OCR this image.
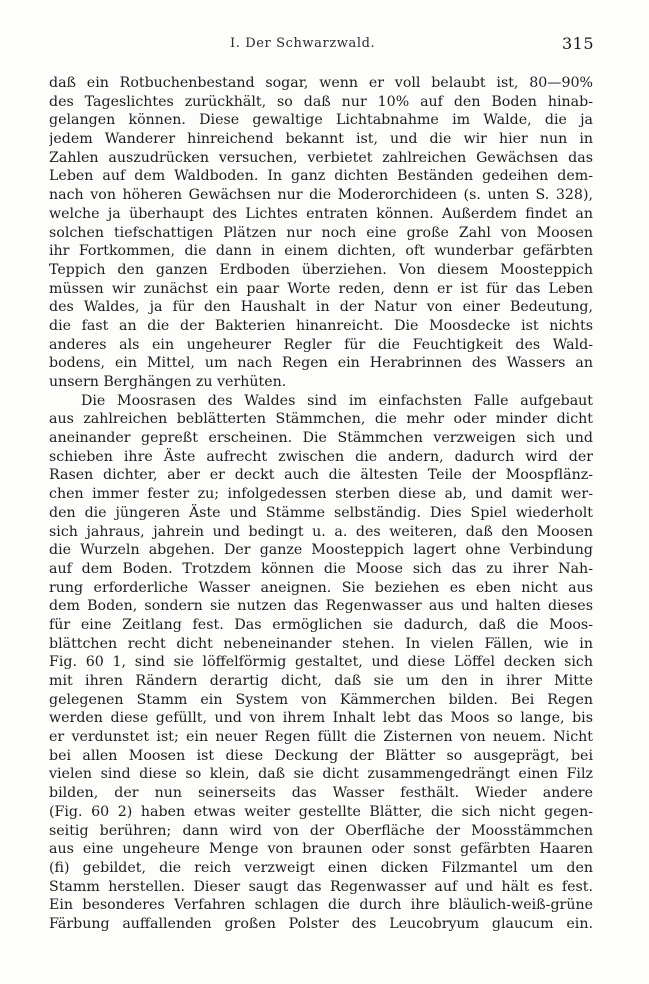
I. Der Schwarzwald.	315
daß ein Rotbuchenbestand sogar, wenn er voll belaubt ist, 80—90%
des Tageslichtes zurückhält, so daß nur 10% auf den Boden hinab-
gelangen können. Diese gewaltige Lichtabnahme im Walde, die ja
jedem Wanderer hinreichend bekannt ist, und die wir hier nun in
Zahlen auszudrücken versuchen, verbietet zahlreichen Gewächsen das
Leben auf dem Waldboden. In ganz dichten Beständen gedeihen dem-
nach von höheren Gewächsen nur die Moderorchideen (s. unten S. 328),
welche ja überhaupt des Lichtes entraten können. Außerdem findet an
solchen tiefschattigen Plätzen nur noch eine große Zahl von Moosen
ihr Fortkommen, die dann in einem dichten, oft wunderbar gefärbten
Teppich den ganzen Erdboden überziehen. Von diesem Moosteppich
müssen wir zunächst ein paar Worte reden, denn er ist für das Leben
des Waldes, ja für den Haushalt in der Natur von einer Bedeutung,
die fast an die der Bakterien hinanreicht. Die Moosdecke ist nichts
anderes als ein ungeheurer Regler für die Feuchtigkeit des Wald-
bodens, ein Mittel, um nach Regen ein Herabrinnen des Wassers an
unsern Berghängen zu verhüten.
Die Moosrasen des Waldes sind im einfachsten Falle aufgebaut
aus zahlreichen beblätterten Stämmchen, die mehr oder minder dicht
aneinander gepreßt erscheinen. Die Stämmchen verzweigen sich und
schieben ihre Äste aufrecht zwischen die andern, dadurch wird der
Rasen dichter, aber er deckt auch die ältesten Teile der Moospflänz-
chen immer fester zu; infolgedessen sterben diese ab, und damit wer-
den die jüngeren Äste und Stämme selbständig. Dies Spiel wiederholt
sich jahraus, jahrein und bedingt u. a. des weiteren, daß den Moosen
die Wurzeln abgehen. Der ganze Moosteppich lagert ohne Verbindung
auf dem Boden. Trotzdem können die Moose sich das zu ihrer Nah-
rung erforderliche Wasser aneignen. Sie beziehen es eben nicht aus
dem Boden, sondern sie nutzen das Regenwasser aus und halten dieses
für eine Zeitlang fest. Das ermöglichen sie dadurch, daß die Moos-
blättchen recht dicht nebeneinander stehen. In vielen Fällen, wie in
Fig. 60 1, sind sie löffelförmig gestaltet, und diese Löffel decken sich
mit ihren Rändern derartig dicht, daß sie um den in ihrer Mitte
gelegenen Stamm ein System von Kämmerchen bilden. Bei Regen
werden diese gefüllt, und von ihrem Inhalt lebt das Moos so lange, bis
er verdunstet ist; ein neuer Regen füllt die Zisternen von neuem. Nicht
bei allen Moosen ist diese Deckung der Blätter so ausgeprägt, bei
vielen sind diese so klein, daß sie dicht zusammengedrängt einen Filz
bilden, der nun seinerseits das Wasser festhält. Wieder andere
(Fig. 60 2) haben etwas weiter gestellte Blätter, die sich nicht gegen-
seitig berühren; dann wird von der Oberfläche der Moosstämmchen
aus eine ungeheure Menge von braunen oder sonst gefärbten Haaren
(fi) gebildet, die reich verzweigt einen dicken Filzmantel um den
Stamm herstellen. Dieser saugt das Regenwasser auf und hält es fest.
Ein besonderes Verfahren schlagen die durch ihre bläulich-weiß-grüne
Färbung auffallenden großen Polster des Leucobryum glaucum ein.
